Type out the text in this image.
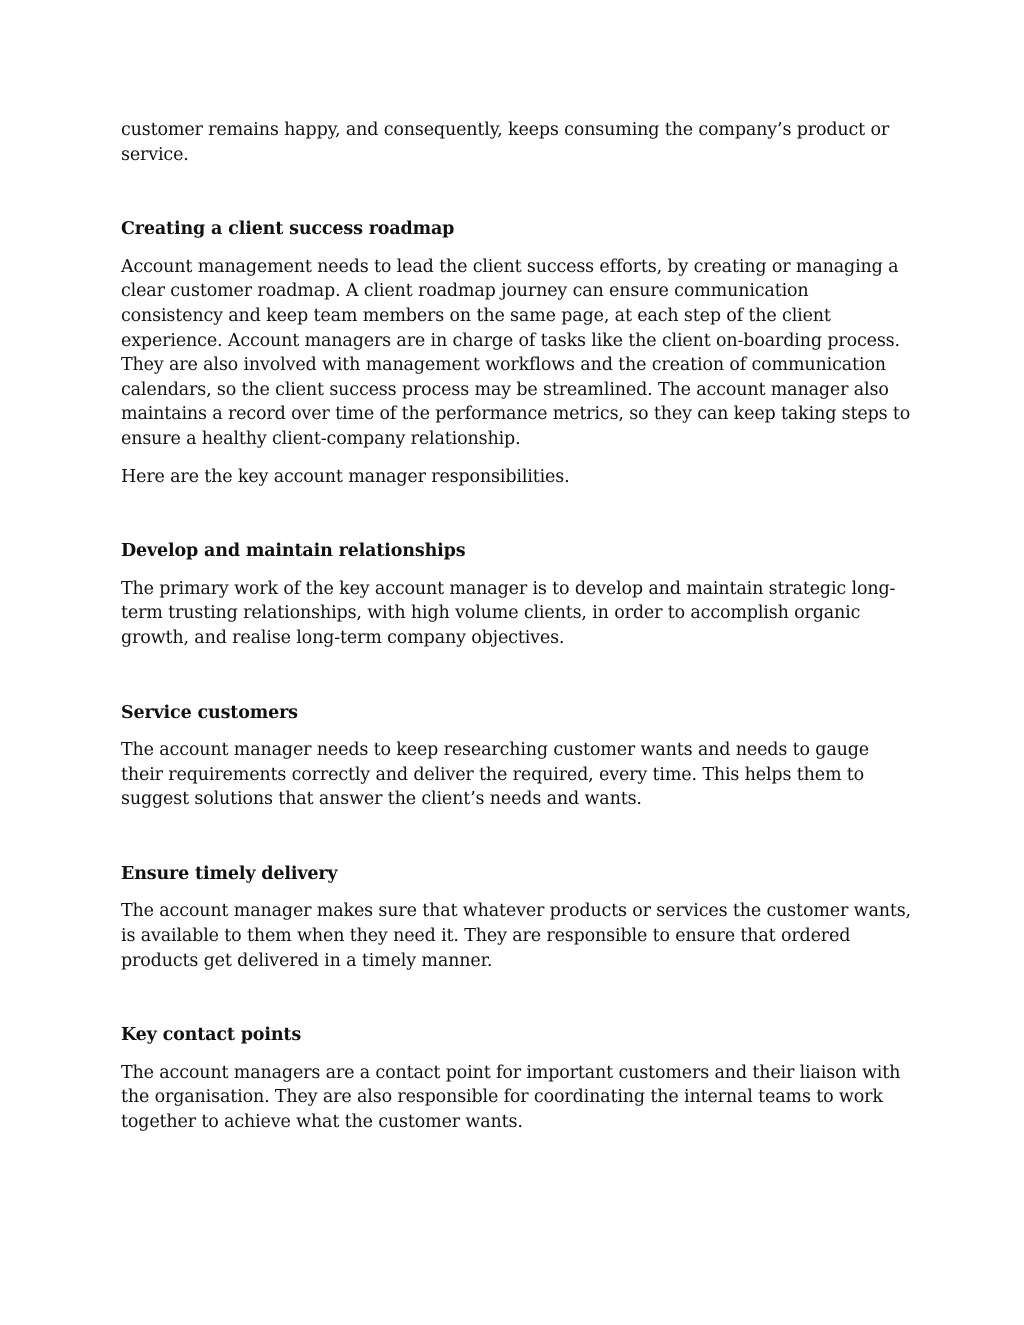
customer remains happy, and consequently, keeps consuming the company’s product or service.

Creating a client success roadmap

Account management needs to lead the client success efforts, by creating or managing a clear customer roadmap. A client roadmap journey can ensure communication consistency and keep team members on the same page, at each step of the client experience. Account managers are in charge of tasks like the client on-boarding process. They are also involved with management workflows and the creation of communication calendars, so the client success process may be streamlined. The account manager also maintains a record over time of the performance metrics, so they can keep taking steps to ensure a healthy client-company relationship.

Here are the key account manager responsibilities.

Develop and maintain relationships

The primary work of the key account manager is to develop and maintain strategic long-term trusting relationships, with high volume clients, in order to accomplish organic growth, and realise long-term company objectives.

Service customers

The account manager needs to keep researching customer wants and needs to gauge their requirements correctly and deliver the required, every time. This helps them to suggest solutions that answer the client’s needs and wants.

Ensure timely delivery

The account manager makes sure that whatever products or services the customer wants, is available to them when they need it. They are responsible to ensure that ordered products get delivered in a timely manner.

Key contact points

The account managers are a contact point for important customers and their liaison with the organisation. They are also responsible for coordinating the internal teams to work together to achieve what the customer wants.
